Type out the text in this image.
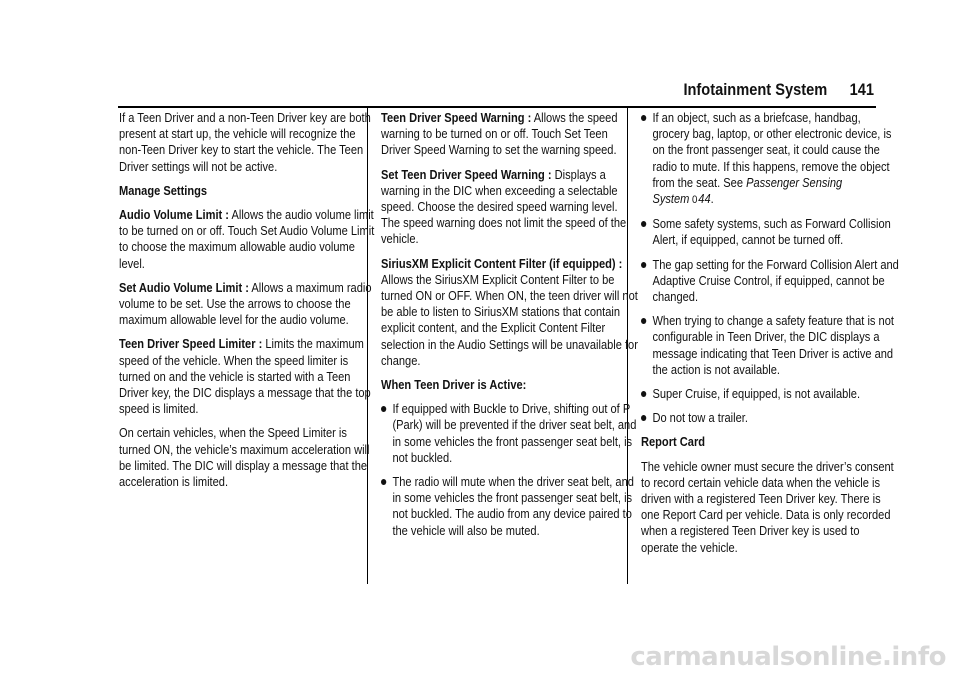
Infotainment System 141

If a Teen Driver and a non-Teen Driver key are both present at start up, the vehicle will recognize the non-Teen Driver key to start the vehicle. The Teen Driver settings will not be active.

Manage Settings

Audio Volume Limit : Allows the audio volume limit to be turned on or off. Touch Set Audio Volume Limit to choose the maximum allowable audio volume level.

Set Audio Volume Limit : Allows a maximum radio volume to be set. Use the arrows to choose the maximum allowable level for the audio volume.

Teen Driver Speed Limiter : Limits the maximum speed of the vehicle. When the speed limiter is turned on and the vehicle is started with a Teen Driver key, the DIC displays a message that the top speed is limited.

On certain vehicles, when the Speed Limiter is turned ON, the vehicle’s maximum acceleration will be limited. The DIC will display a message that the acceleration is limited.

Teen Driver Speed Warning : Allows the speed warning to be turned on or off. Touch Set Teen Driver Speed Warning to set the warning speed.

Set Teen Driver Speed Warning : Displays a warning in the DIC when exceeding a selectable speed. Choose the desired speed warning level. The speed warning does not limit the speed of the vehicle.

SiriusXM Explicit Content Filter (if equipped) : Allows the SiriusXM Explicit Content Filter to be turned ON or OFF. When ON, the teen driver will not be able to listen to SiriusXM stations that contain explicit content, and the Explicit Content Filter selection in the Audio Settings will be unavailable for change.

When Teen Driver is Active:

If equipped with Buckle to Drive, shifting out of P (Park) will be prevented if the driver seat belt, and in some vehicles the front passenger seat belt, is not buckled.
The radio will mute when the driver seat belt, and in some vehicles the front passenger seat belt, is not buckled. The audio from any device paired to the vehicle will also be muted.
If an object, such as a briefcase, handbag, grocery bag, laptop, or other electronic device, is on the front passenger seat, it could cause the radio to mute. If this happens, remove the object from the seat. See Passenger Sensing System 044.
Some safety systems, such as Forward Collision Alert, if equipped, cannot be turned off.
The gap setting for the Forward Collision Alert and Adaptive Cruise Control, if equipped, cannot be changed.
When trying to change a safety feature that is not configurable in Teen Driver, the DIC displays a message indicating that Teen Driver is active and the action is not available.
Super Cruise, if equipped, is not available.
Do not tow a trailer.

Report Card

The vehicle owner must secure the driver’s consent to record certain vehicle data when the vehicle is driven with a registered Teen Driver key. There is one Report Card per vehicle. Data is only recorded when a registered Teen Driver key is used to operate the vehicle.

carmanualsonline.info
